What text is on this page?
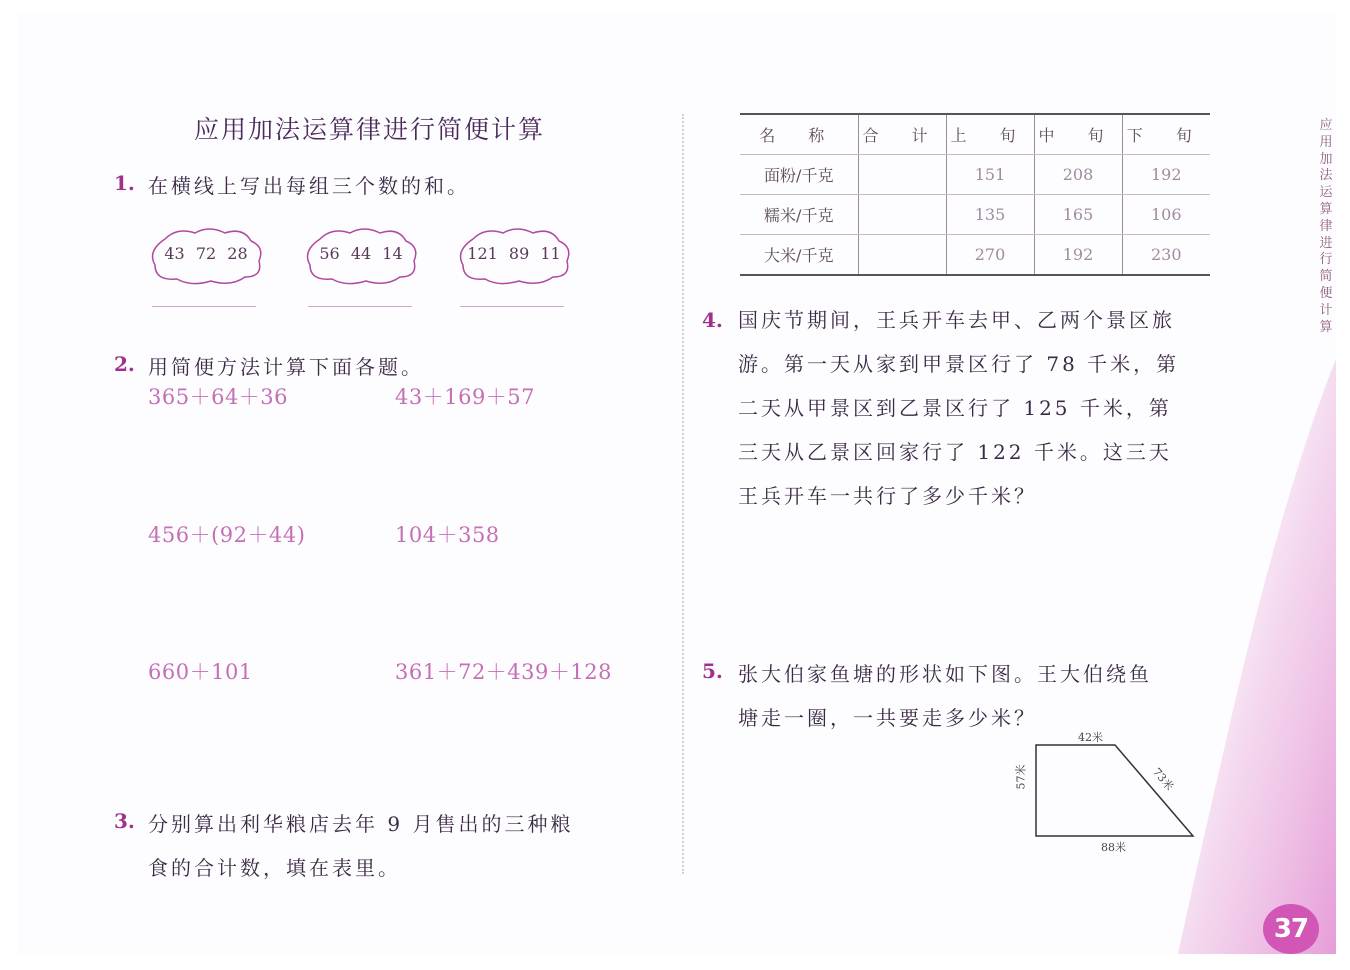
应用加法运算律进行简便计算
1. 在横线上写出每组三个数的和。
43 72 28	56 44 14	121 89 11
2. 用简便方法计算下面各题。
365＋64＋36	43＋169＋57
456＋(92＋44)	104＋358
660＋101	361＋72＋439＋128
3. 分别算出利华粮店去年 9 月售出的三种粮
食的合计数，填在表里。
名 称	合 计	上 旬	中 旬	下 旬
面粉/千克		151	208	192
糯米/千克		135	165	106
大米/千克		270	192	230
4. 国庆节期间，王兵开车去甲、乙两个景区旅
游。第一天从家到甲景区行了 78 千米，第
二天从甲景区到乙景区行了 125 千米，第
三天从乙景区回家行了 122 千米。这三天
王兵开车一共行了多少千米？
5. 张大伯家鱼塘的形状如下图。王大伯绕鱼
塘走一圈，一共要走多少米？
42米
57米	73米
88米
应用加法运算律进行简便计算
37
